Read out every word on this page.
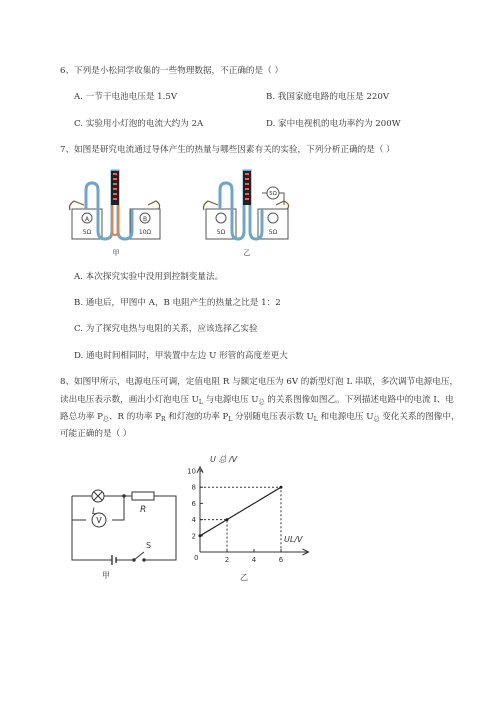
6、下列是小松同学收集的一些物理数据，不正确的是（ ）
A. 一节干电池电压是 1.5V	B. 我国家庭电路的电压是 220V
C. 实验用小灯泡的电流大约为 2A	D. 家中电视机的电功率约为 200W
7、如图是研究电流通过导体产生的热量与哪些因素有关的实验，下列分析正确的是（ ）
A	B
5Ω	10Ω
甲
5Ω
5Ω	5Ω
乙
A. 本次探究实验中没用到控制变量法。
B. 通电后，甲图中 A，B 电阻产生的热量之比是 1：2
C. 为了探究电热与电阻的关系，应该选择乙实验
D. 通电时间相同时，甲装置中左边 U 形管的高度差更大
8、如图甲所示，电源电压可调，定值电阻 R 与额定电压为 6V 的新型灯泡 L 串联，多次调节电源电压，
读出电压表示数，画出小灯泡电压 $U_L$ 与电源电压 $U_总$ 的关系图像如图乙。下列描述电路中的电流 I、电
路总功率 $P_总$、R 的功率 $P_R$ 和灯泡的功率 $P_L$ 分别随电压表示数 $U_L$ 和电源电压 $U_总$ 变化关系的图像中，
可能正确的是（ ）
L	R
V
S
甲
2
4
6
8
10
2	4	6
U 总 /V
UL/V
0
乙
